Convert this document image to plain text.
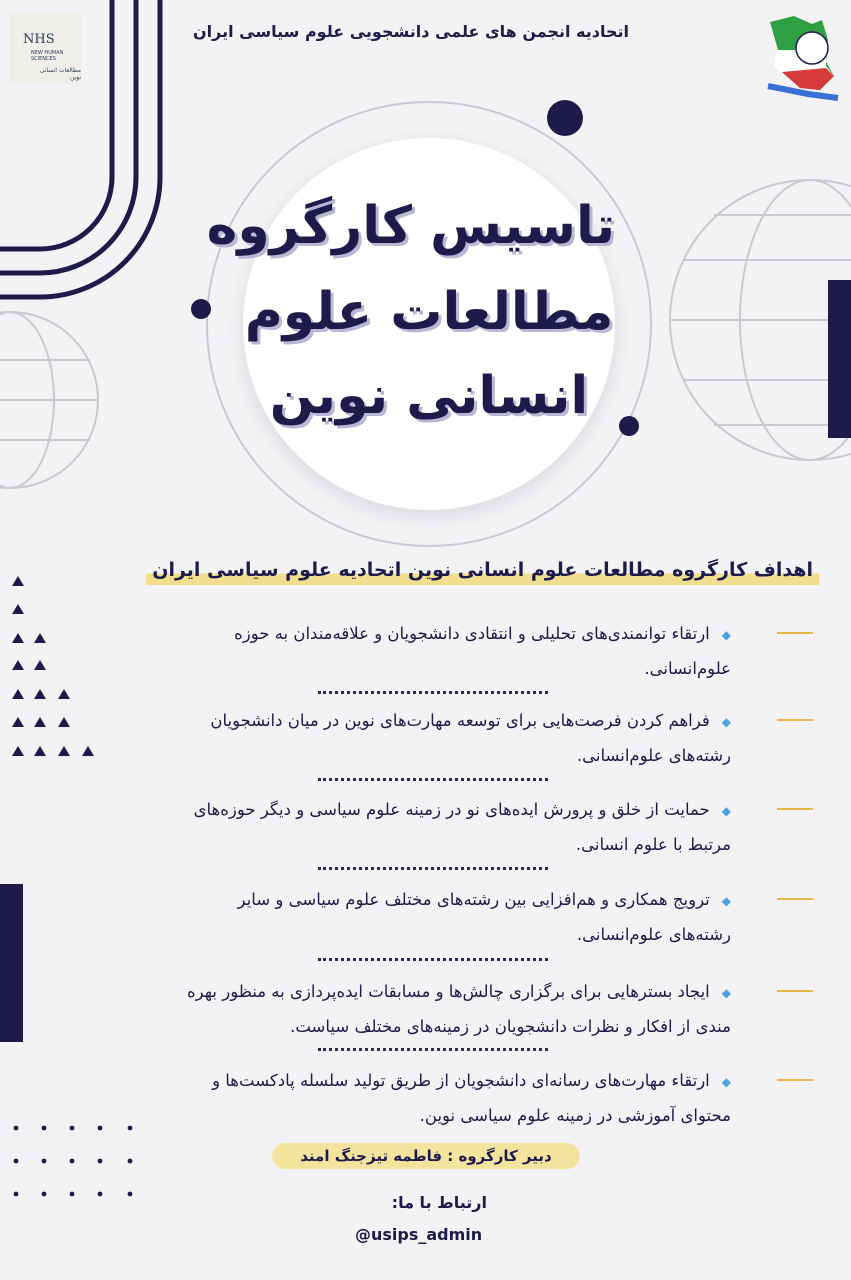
اتحادیه انجمن های علمی دانشجویی علوم سیاسی ایران
NHS
NEW HUMAN SCIENCES
مطالعات انسانی نوین
تاسیس کارگروه
مطالعات علوم
انسانی نوین
اهداف کارگروه مطالعات علوم انسانی نوین اتحادیه علوم سیاسی ایران
◆ارتقاء توانمندی‌های تحلیلی و انتقادی دانشجویان و علاقه‌مندان به حوزه
علوم‌انسانی.
◆فراهم کردن فرصت‌هایی برای توسعه مهارت‌های نوین در میان دانشجویان
رشته‌های علوم‌انسانی.
◆حمایت از خلق و پرورش ایده‌های نو در زمینه علوم سیاسی و دیگر حوزه‌های
مرتبط با علوم انسانی.
◆ترویج همکاری و هم‌افزایی بین رشته‌های مختلف علوم سیاسی و سایر
رشته‌های علوم‌انسانی.
◆ایجاد بسترهایی برای برگزاری چالش‌ها و مسابقات ایده‌پردازی به منظور بهره
مندی از افکار و نظرات دانشجویان در زمینه‌های مختلف سیاست.
◆ارتقاء مهارت‌های رسانه‌ای دانشجویان از طریق تولید سلسله پادکست‌ها و
محتوای آموزشی در زمینه علوم سیاسی نوین.
دبیر کارگروه : فاطمه تیزجنگ امند
ارتباط با ما:
@usips_admin
